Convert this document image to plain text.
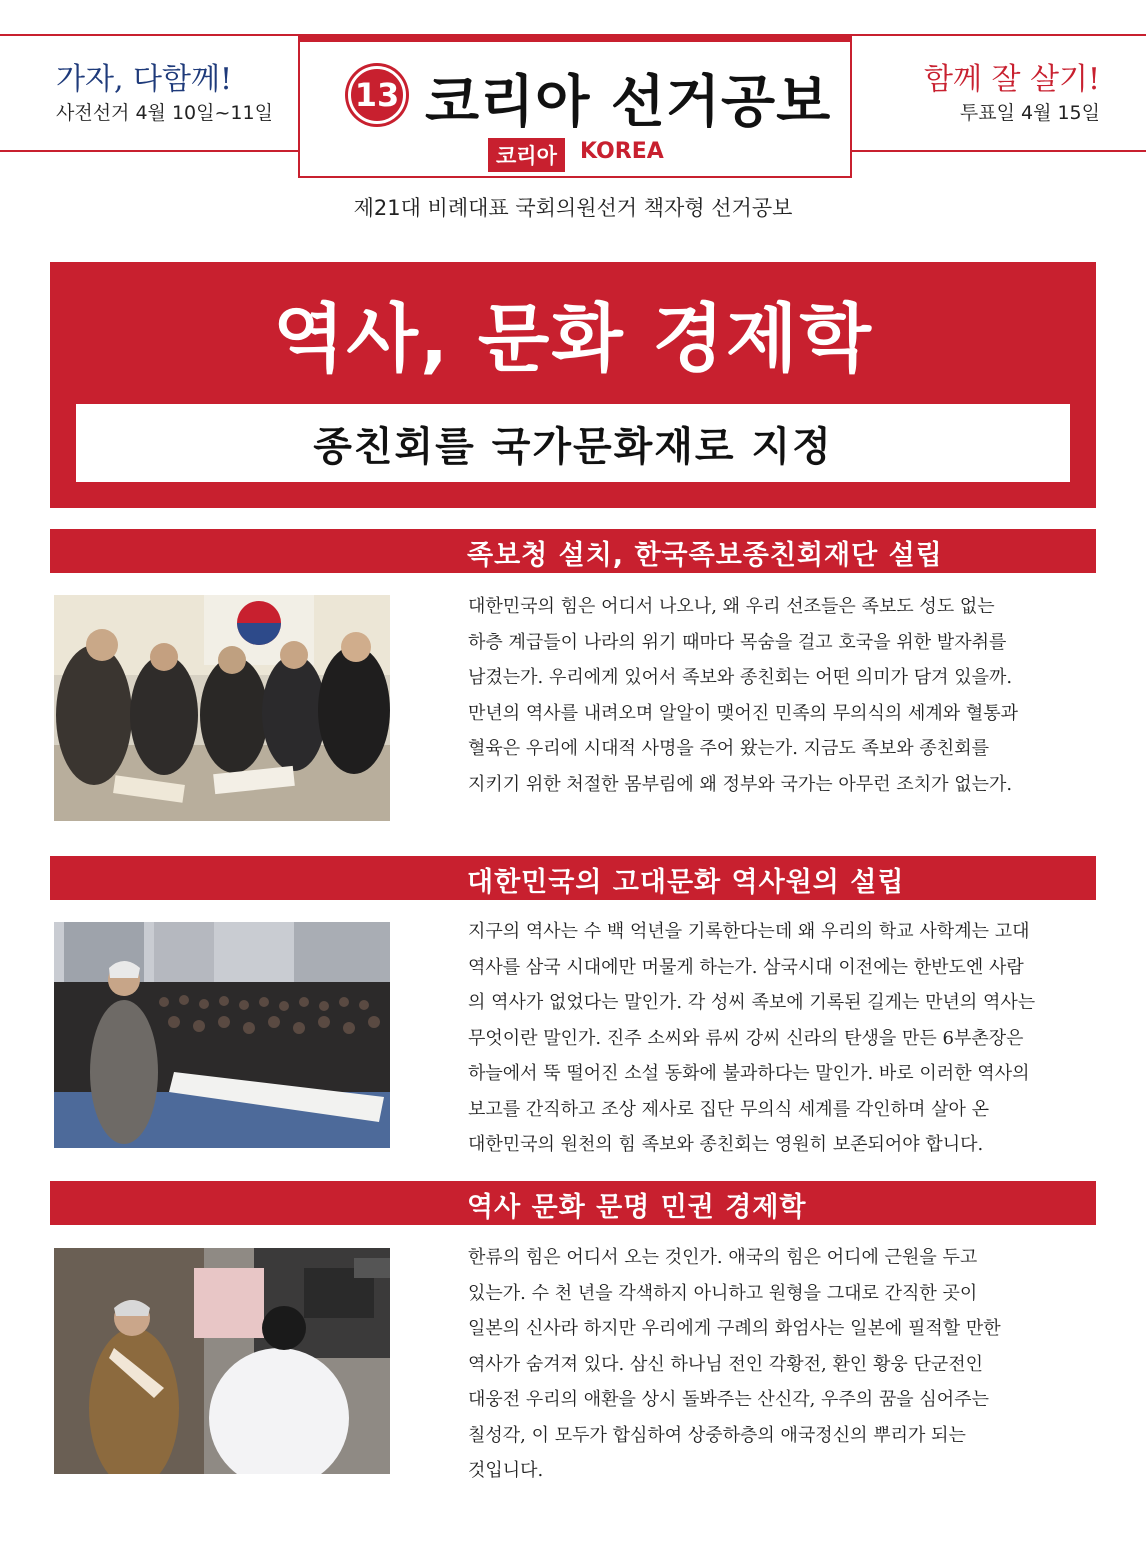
가자, 다함께!
사전선거 4월 10일~11일
함께 잘 살기!
투표일 4월 15일
13 코리아 선거공보
코리아	KOREA
제21대 비례대표 국회의원선거 책자형 선거공보
역사, 문화 경제학
종친회를 국가문화재로 지정
족보청 설치, 한국족보종친회재단 설립
대한민국의 힘은 어디서 나오나, 왜 우리 선조들은 족보도 성도 없는
하층 계급들이 나라의 위기 때마다 목숨을 걸고 호국을 위한 발자취를
남겼는가. 우리에게 있어서 족보와 종친회는 어떤 의미가 담겨 있을까.
만년의 역사를 내려오며 알알이 맺어진 민족의 무의식의 세계와 혈통과
혈육은 우리에 시대적 사명을 주어 왔는가. 지금도 족보와 종친회를
지키기 위한 처절한 몸부림에 왜 정부와 국가는 아무런 조치가 없는가.
대한민국의 고대문화 역사원의 설립
지구의 역사는 수 백 억년을 기록한다는데 왜 우리의 학교 사학계는 고대
역사를 삼국 시대에만 머물게 하는가. 삼국시대 이전에는 한반도엔 사람
의 역사가 없었다는 말인가. 각 성씨 족보에 기록된 길게는 만년의 역사는
무엇이란 말인가. 진주 소씨와 류씨 강씨 신라의 탄생을 만든 6부촌장은
하늘에서 뚝 떨어진 소설 동화에 불과하다는 말인가. 바로 이러한 역사의
보고를 간직하고 조상 제사로 집단 무의식 세계를 각인하며 살아 온
대한민국의 원천의 힘 족보와 종친회는 영원히 보존되어야 합니다.
역사 문화 문명 민권 경제학
한류의 힘은 어디서 오는 것인가. 애국의 힘은 어디에 근원을 두고
있는가. 수 천 년을 각색하지 아니하고 원형을 그대로 간직한 곳이
일본의 신사라 하지만 우리에게 구례의 화엄사는 일본에 필적할 만한
역사가 숨겨져 있다. 삼신 하나님 전인 각황전, 환인 황웅 단군전인
대웅전 우리의 애환을 상시 돌봐주는 산신각, 우주의 꿈을 심어주는
칠성각, 이 모두가 합심하여 상중하층의 애국정신의 뿌리가 되는
것입니다.
